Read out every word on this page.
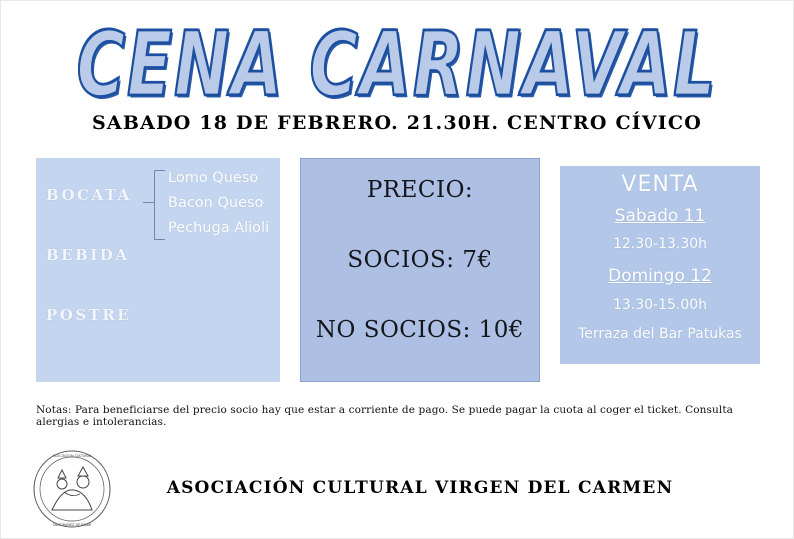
CENA CARNAVAL
SABADO 18 DE FEBRERO. 21.30H. CENTRO CÍVICO
BOCATA
BEBIDA
POSTRE
Lomo Queso
Bacon Queso
Pechuga Alioli
PRECIO:
SOCIOS: 7€
NO SOCIOS: 10€
VENTA
Sabado 11
12.30-13.30h
Domingo 12
13.30-15.00h
Terraza del Bar Patukas
Notas: Para beneficiarse del precio socio hay que estar a corriente de pago. Se puede pagar la cuota al coger el ticket. Consulta alergias e intolerancias.
ASOCIACION CULTURAL
SANTIBAÑEZ DE BEJAR
ASOCIACIÓN CULTURAL VIRGEN DEL CARMEN
